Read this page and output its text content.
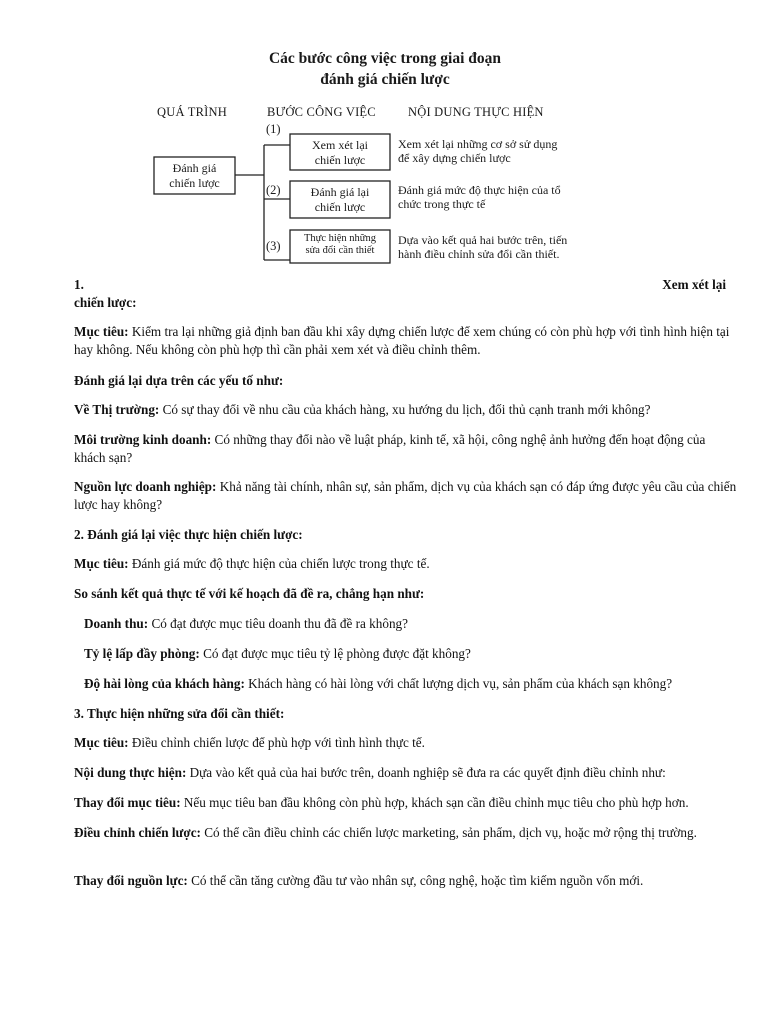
Các bước công việc trong giai đoạn
đánh giá chiến lược
QUÁ TRÌNH	BƯỚC CÔNG VIỆC	NỘI DUNG THỰC HIỆN
Đánh giá
chiến lược
(1)
Xem xét lại
chiến lược
Xem xét lại những cơ sở sử dụng để xây dựng chiến lược
(2)	Đánh giá lại
chiến lược
Đánh giá mức độ thực hiện của tổ chức trong thực tế
(3)
Thực hiện những
sửa đổi cần thiết
Dựa vào kết quả hai bước trên, tiến hành điều chỉnh sửa đổi cần thiết.
1.	Xem xét lại
chiến lược:
Mục tiêu: Kiểm tra lại những giả định ban đầu khi xây dựng chiến lược để xem chúng có còn phù hợp với tình hình hiện tại hay không. Nếu không còn phù hợp thì cần phải xem xét và điều chỉnh thêm.
Đánh giá lại dựa trên các yếu tố như:
Về Thị trường: Có sự thay đổi về nhu cầu của khách hàng, xu hướng du lịch, đối thủ cạnh tranh mới không?
Môi trường kinh doanh: Có những thay đổi nào về luật pháp, kinh tế, xã hội, công nghệ ảnh hưởng đến hoạt động của khách sạn?
Nguồn lực doanh nghiệp: Khả năng tài chính, nhân sự, sản phẩm, dịch vụ của khách sạn có đáp ứng được yêu cầu của chiến lược hay không?
2. Đánh giá lại việc thực hiện chiến lược:
Mục tiêu: Đánh giá mức độ thực hiện của chiến lược trong thực tế.
So sánh kết quả thực tế với kế hoạch đã đề ra, chẳng hạn như:
Doanh thu: Có đạt được mục tiêu doanh thu đã đề ra không?
Tỷ lệ lấp đầy phòng: Có đạt được mục tiêu tỷ lệ phòng được đặt không?
Độ hài lòng của khách hàng: Khách hàng có hài lòng với chất lượng dịch vụ, sản phẩm của khách sạn không?
3. Thực hiện những sửa đổi cần thiết:
Mục tiêu: Điều chỉnh chiến lược để phù hợp với tình hình thực tế.
Nội dung thực hiện: Dựa vào kết quả của hai bước trên, doanh nghiệp sẽ đưa ra các quyết định điều chỉnh như:
Thay đổi mục tiêu: Nếu mục tiêu ban đầu không còn phù hợp, khách sạn cần điều chỉnh mục tiêu cho phù hợp hơn.
Điều chỉnh chiến lược: Có thể cần điều chỉnh các chiến lược marketing, sản phẩm, dịch vụ, hoặc mở rộng thị trường.
Thay đổi nguồn lực: Có thể cần tăng cường đầu tư vào nhân sự, công nghệ, hoặc tìm kiếm nguồn vốn mới.
